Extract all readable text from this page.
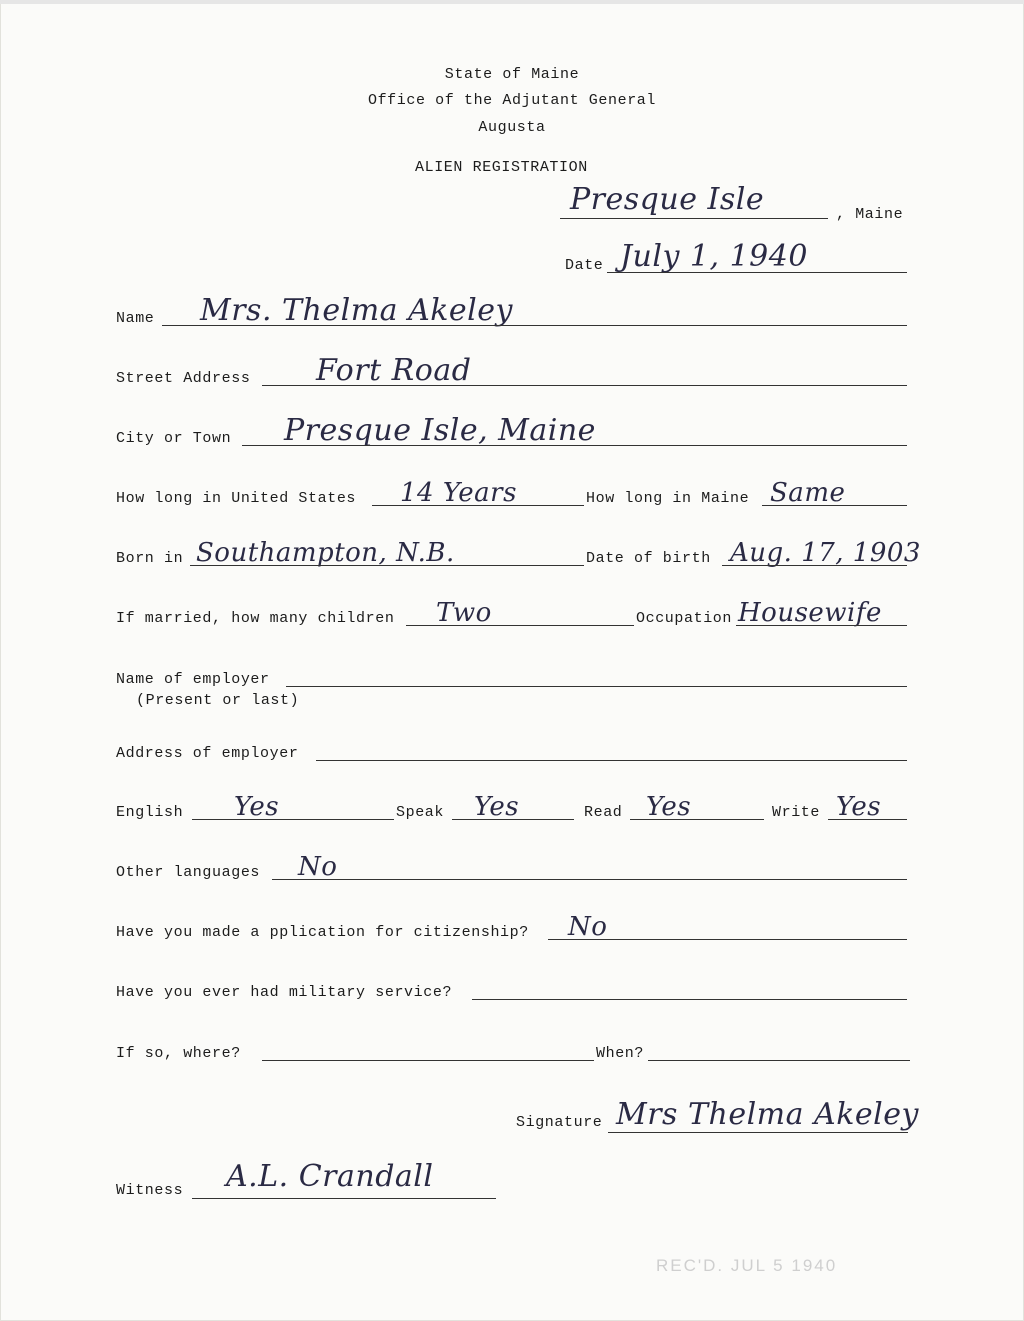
State of Maine
Office of the Adjutant General
Augusta
ALIEN REGISTRATION
Presque Isle	, Maine
Date July 1, 1940
Name Mrs. Thelma Akeley
Street Address Fort Road
City or Town Presque Isle, Maine
How long in United States 14 Years	How long in Maine Same
Born in Southampton, N.B.	Date of birth Aug. 17, 1903
If married, how many children Two	Occupation Housewife
Name of employer
(Present or last)
Address of employer
English Yes	Speak Yes	Read Yes	Write Yes
Other languages No
Have you made a pplication for citizenship? No
Have you ever had military service?
If so, where?	When?
Signature Mrs Thelma Akeley
Witness A.L. Crandall
REC'D. JUL 5 1940
